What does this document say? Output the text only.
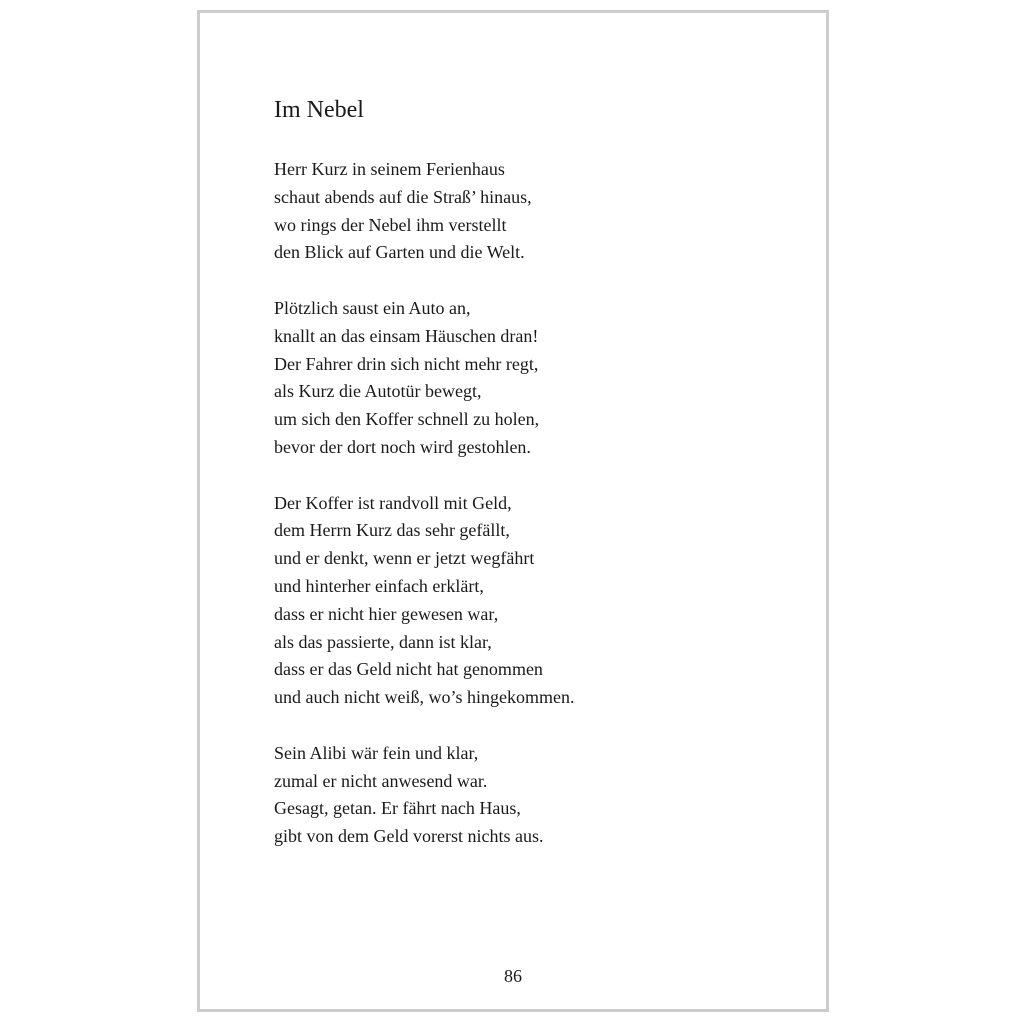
Im Nebel
Herr Kurz in seinem Ferienhaus
schaut abends auf die Straß’ hinaus,
wo rings der Nebel ihm verstellt
den Blick auf Garten und die Welt.
Plötzlich saust ein Auto an,
knallt an das einsam Häuschen dran!
Der Fahrer drin sich nicht mehr regt,
als Kurz die Autotür bewegt,
um sich den Koffer schnell zu holen,
bevor der dort noch wird gestohlen.
Der Koffer ist randvoll mit Geld,
dem Herrn Kurz das sehr gefällt,
und er denkt, wenn er jetzt wegfährt
und hinterher einfach erklärt,
dass er nicht hier gewesen war,
als das passierte, dann ist klar,
dass er das Geld nicht hat genommen
und auch nicht weiß, wo’s hingekommen.
Sein Alibi wär fein und klar,
zumal er nicht anwesend war.
Gesagt, getan. Er fährt nach Haus,
gibt von dem Geld vorerst nichts aus.
86
